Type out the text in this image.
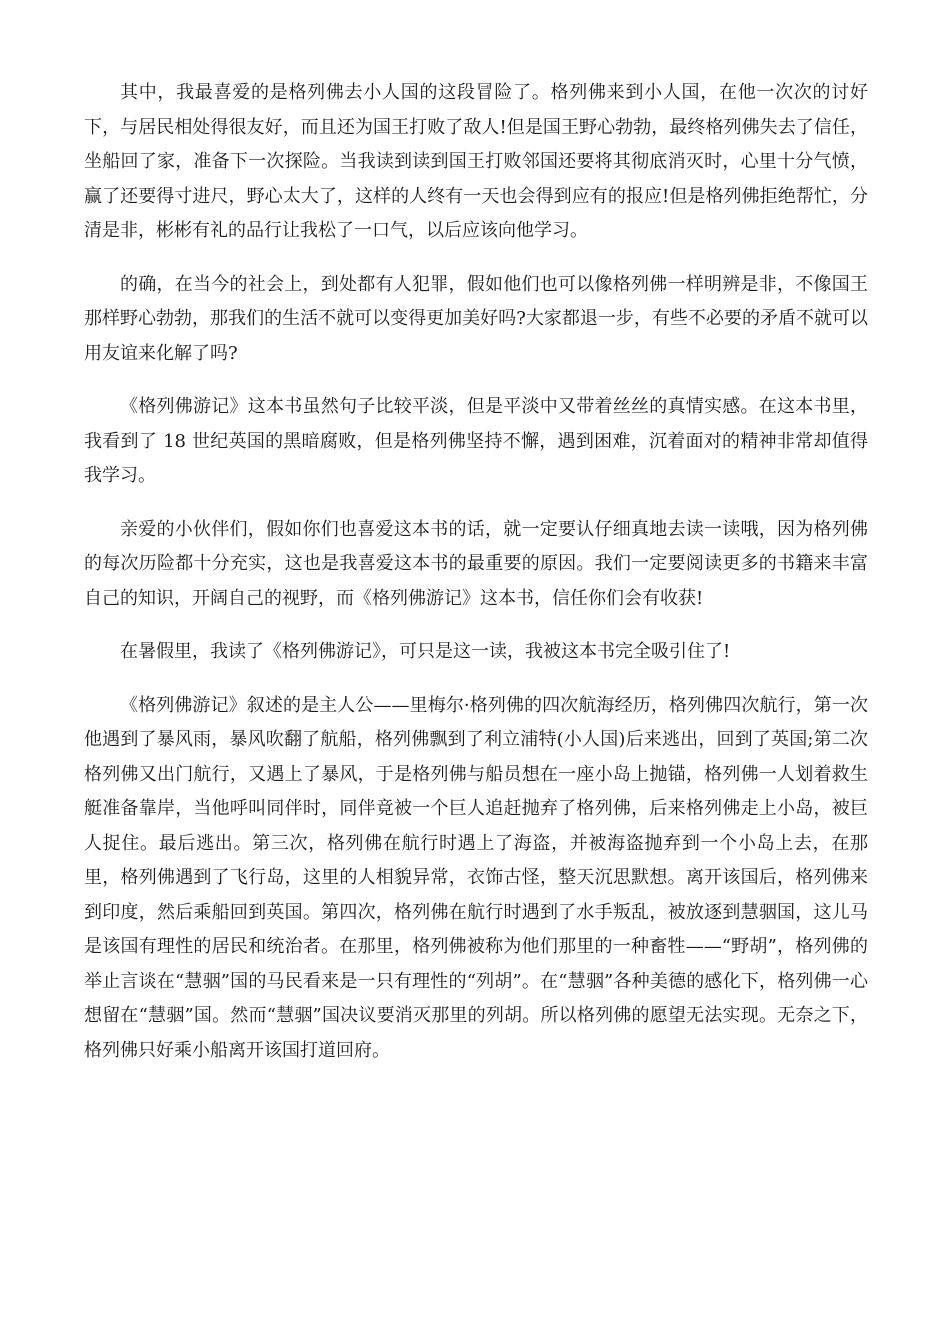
其中，我最喜爱的是格列佛去小人国的这段冒险了。格列佛来到小人国，在他一次次的讨好下，与居民相处得很友好，而且还为国王打败了敌人!但是国王野心勃勃，最终格列佛失去了信任，坐船回了家，准备下一次探险。当我读到读到国王打败邻国还要将其彻底消灭时，心里十分气愤，赢了还要得寸进尺，野心太大了，这样的人终有一天也会得到应有的报应!但是格列佛拒绝帮忙，分清是非，彬彬有礼的品行让我松了一口气，以后应该向他学习。

的确，在当今的社会上，到处都有人犯罪，假如他们也可以像格列佛一样明辨是非，不像国王那样野心勃勃，那我们的生活不就可以变得更加美好吗?大家都退一步，有些不必要的矛盾不就可以用友谊来化解了吗?

《格列佛游记》这本书虽然句子比较平淡，但是平淡中又带着丝丝的真情实感。在这本书里，我看到了 18 世纪英国的黑暗腐败，但是格列佛坚持不懈，遇到困难，沉着面对的精神非常却值得我学习。

亲爱的小伙伴们，假如你们也喜爱这本书的话，就一定要认仔细真地去读一读哦，因为格列佛的每次历险都十分充实，这也是我喜爱这本书的最重要的原因。我们一定要阅读更多的书籍来丰富自己的知识，开阔自己的视野，而《格列佛游记》这本书，信任你们会有收获!

在暑假里，我读了《格列佛游记》，可只是这一读，我被这本书完全吸引住了!

《格列佛游记》叙述的是主人公——里梅尔·格列佛的四次航海经历，格列佛四次航行，第一次他遇到了暴风雨，暴风吹翻了航船，格列佛飘到了利立浦特(小人国)后来逃出，回到了英国;第二次格列佛又出门航行，又遇上了暴风，于是格列佛与船员想在一座小岛上抛锚，格列佛一人划着救生艇准备靠岸，当他呼叫同伴时，同伴竟被一个巨人追赶抛弃了格列佛，后来格列佛走上小岛，被巨人捉住。最后逃出。第三次，格列佛在航行时遇上了海盗，并被海盗抛弃到一个小岛上去，在那里，格列佛遇到了飞行岛，这里的人相貌异常，衣饰古怪，整天沉思默想。离开该国后，格列佛来到印度，然后乘船回到英国。第四次，格列佛在航行时遇到了水手叛乱，被放逐到慧骃国，这儿马是该国有理性的居民和统治者。在那里，格列佛被称为他们那里的一种畜牲——“野胡”，格列佛的举止言谈在“慧骃”国的马民看来是一只有理性的“列胡”。在“慧骃”各种美德的感化下，格列佛一心想留在“慧骃”国。然而“慧骃”国决议要消灭那里的列胡。所以格列佛的愿望无法实现。无奈之下，格列佛只好乘小船离开该国打道回府。
